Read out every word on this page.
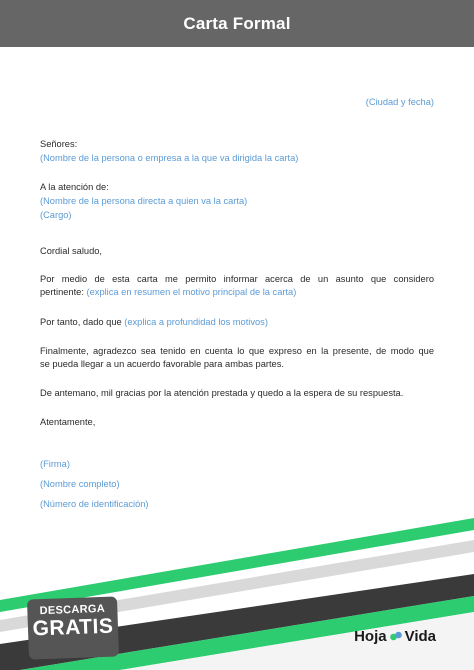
Carta Formal
(Ciudad y fecha)
Señores:
(Nombre de la persona o empresa a la que va dirigida la carta)
A la atención de:
(Nombre de la persona directa a quien va la carta)
(Cargo)
Cordial saludo,
Por medio de esta carta me permito informar acerca de un asunto que considero
pertinente: (explica en resumen el motivo principal de la carta)
Por tanto, dado que (explica a profundidad los motivos)
Finalmente, agradezco sea tenido en cuenta lo que expreso en la presente, de modo que
se pueda llegar a un acuerdo favorable para ambas partes.
De antemano, mil gracias por la atención prestada y quedo a la espera de su respuesta.
Atentamente,
(Firma)
(Nombre completo)
(Número de identificación)
DESCARGA
GRATIS	Hoja Vida
